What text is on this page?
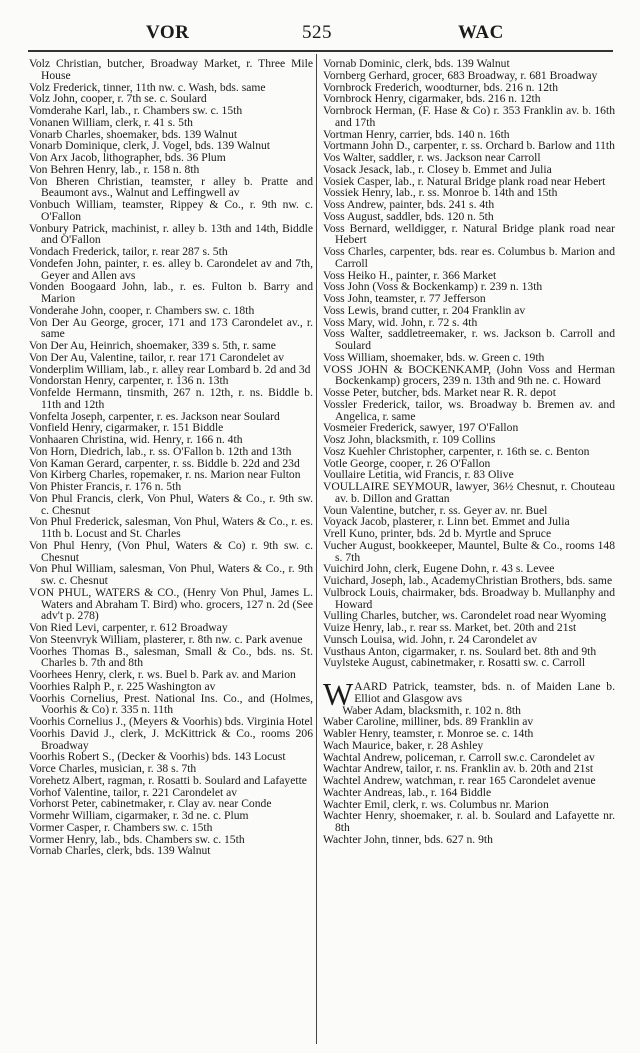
VOR	525	WAC
Volz Christian, butcher, Broadway Market, r. Three Mile House
Volz Frederick, tinner, 11th nw. c. Wash, bds. same
Volz John, cooper, r. 7th se. c. Soulard
Vomderahe Karl, lab., r. Chambers sw. c. 15th
Vonanen William, clerk, r. 41 s. 5th
Vonarb Charles, shoemaker, bds. 139 Walnut
Vonarb Dominique, clerk, J. Vogel, bds. 139 Walnut
Von Arx Jacob, lithographer, bds. 36 Plum
Von Behren Henry, lab., r. 158 n. 8th
Von Bheren Christian, teamster, r alley b. Pratte and Beaumont avs., Walnut and Leffingwell av
Vonbuch William, teamster, Rippey & Co., r. 9th nw. c. O'Fallon
Vonbury Patrick, machinist, r. alley b. 13th and 14th, Biddle and O'Fallon
Vondach Frederick, tailor, r. rear 287 s. 5th
Vondefen John, painter, r. es. alley b. Carondelet av and 7th, Geyer and Allen avs
Vonden Boogaard John, lab., r. es. Fulton b. Barry and Marion
Vonderahe John, cooper, r. Chambers sw. c. 18th
Von Der Au George, grocer, 171 and 173 Carondelet av., r. same
Von Der Au, Heinrich, shoemaker, 339 s. 5th, r. same
Von Der Au, Valentine, tailor, r. rear 171 Carondelet av
Vonderplim William, lab., r. alley rear Lombard b. 2d and 3d
Vondorstan Henry, carpenter, r. 136 n. 13th
Vonfelde Hermann, tinsmith, 267 n. 12th, r. ns. Biddle b. 11th and 12th
Vonfelta Joseph, carpenter, r. es. Jackson near Soulard
Vonfield Henry, cigarmaker, r. 151 Biddle
Vonhaaren Christina, wid. Henry, r. 166 n. 4th
Von Horn, Diedrich, lab., r. ss. O'Fallon b. 12th and 13th
Von Kaman Gerard, carpenter, r. ss. Biddle b. 22d and 23d
Von Kirberg Charles, ropemaker, r. ns. Marion near Fulton
Von Phister Francis, r. 176 n. 5th
Von Phul Francis, clerk, Von Phul, Waters & Co., r. 9th sw. c. Chesnut
Von Phul Frederick, salesman, Von Phul, Waters & Co., r. es. 11th b. Locust and St. Charles
Von Phul Henry, (Von Phul, Waters & Co) r. 9th sw. c. Chesnut
Von Phul William, salesman, Von Phul, Waters & Co., r. 9th sw. c. Chesnut
VON PHUL, WATERS & CO., (Henry Von Phul, James L. Waters and Abraham T. Bird) who. grocers, 127 n. 2d (See adv't p. 278)
Von Ried Levi, carpenter, r. 612 Broadway
Von Steenvryk William, plasterer, r. 8th nw. c. Park avenue
Voorhes Thomas B., salesman, Small & Co., bds. ns. St. Charles b. 7th and 8th
Voorhees Henry, clerk, r. ws. Buel b. Park av. and Marion
Voorhies Ralph P., r. 225 Washington av
Voorhis Cornelius, Prest. National Ins. Co., and (Holmes, Voorhis & Co) r. 335 n. 11th
Voorhis Cornelius J., (Meyers & Voorhis) bds. Virginia Hotel
Voorhis David J., clerk, J. McKittrick & Co., rooms 206 Broadway
Voorhis Robert S., (Decker & Voorhis) bds. 143 Locust
Vorce Charles, musician, r. 38 s. 7th
Vorehetz Albert, ragman, r. Rosatti b. Soulard and Lafayette
Vorhof Valentine, tailor, r. 221 Carondelet av
Vorhorst Peter, cabinetmaker, r. Clay av. near Conde
Vormehr William, cigarmaker, r. 3d ne. c. Plum
Vormer Casper, r. Chambers sw. c. 15th
Vormer Henry, lab., bds. Chambers sw. c. 15th
Vornab Charles, clerk, bds. 139 Walnut
Vornab Dominic, clerk, bds. 139 Walnut
Vornberg Gerhard, grocer, 683 Broadway, r. 681 Broadway
Vornbrock Frederich, woodturner, bds. 216 n. 12th
Vornbrock Henry, cigarmaker, bds. 216 n. 12th
Vornbrock Herman, (F. Hase & Co) r. 353 Franklin av. b. 16th and 17th
Vortman Henry, carrier, bds. 140 n. 16th
Vortmann John D., carpenter, r. ss. Orchard b. Barlow and 11th
Vos Walter, saddler, r. ws. Jackson near Carroll
Vosack Jesack, lab., r. Closey b. Emmet and Julia
Vosiek Casper, lab., r. Natural Bridge plank road near Hebert
Vossiek Henry, lab., r. ss. Monroe b. 14th and 15th
Voss Andrew, painter, bds. 241 s. 4th
Voss August, saddler, bds. 120 n. 5th
Voss Bernard, welldigger, r. Natural Bridge plank road near Hebert
Voss Charles, carpenter, bds. rear es. Columbus b. Marion and Carroll
Voss Heiko H., painter, r. 366 Market
Voss John (Voss & Bockenkamp) r. 239 n. 13th
Voss John, teamster, r. 77 Jefferson
Voss Lewis, brand cutter, r. 204 Franklin av
Voss Mary, wid. John, r. 72 s. 4th
Voss Walter, saddletreemaker, r. ws. Jackson b. Carroll and Soulard
Voss William, shoemaker, bds. w. Green c. 19th
VOSS JOHN & BOCKENKAMP, (John Voss and Herman Bockenkamp) grocers, 239 n. 13th and 9th ne. c. Howard
Vosse Peter, butcher, bds. Market near R. R. depot
Vossler Frederick, tailor, ws. Broadway b. Bremen av. and Angelica, r. same
Vosmeier Frederick, sawyer, 197 O'Fallon
Vosz John, blacksmith, r. 109 Collins
Vosz Kuehler Christopher, carpenter, r. 16th se. c. Benton
Votle George, cooper, r. 26 O'Fallon
Voullaire Letitia, wid Francis, r. 83 Olive
VOULLAIRE SEYMOUR, lawyer, 36½ Chesnut, r. Chouteau av. b. Dillon and Grattan
Voun Valentine, butcher, r. ss. Geyer av. nr. Buel
Voyack Jacob, plasterer, r. Linn bet. Emmet and Julia
Vrell Kuno, printer, bds. 2d b. Myrtle and Spruce
Vucher August, bookkeeper, Mauntel, Bulte & Co., rooms 148 s. 7th
Vuichird John, clerk, Eugene Dohn, r. 43 s. Levee
Vuichard, Joseph, lab., AcademyChristian Brothers, bds. same
Vulbrock Louis, chairmaker, bds. Broadway b. Mullanphy and Howard
Vulling Charles, butcher, ws. Carondelet road near Wyoming
Vuize Henry, lab., r. rear ss. Market, bet. 20th and 21st
Vunsch Louisa, wid. John, r. 24 Carondelet av
Vusthaus Anton, cigarmaker, r. ns. Soulard bet. 8th and 9th
Vuylsteke August, cabinetmaker, r. Rosatti sw. c. Carroll
W AARD Patrick, teamster, bds. n. of Maiden Lane b. Elliot and Glasgow avs
Waber Adam, blacksmith, r. 102 n. 8th
Waber Caroline, milliner, bds. 89 Franklin av
Wabler Henry, teamster, r. Monroe se. c. 14th
Wach Maurice, baker, r. 28 Ashley
Wachtal Andrew, policeman, r. Carroll sw.c. Carondelet av
Wachtar Andrew, tailor, r. ns. Franklin av. b. 20th and 21st
Wachtel Andrew, watchman, r. rear 165 Carondelet avenue
Wachter Andreas, lab., r. 164 Biddle
Wachter Emil, clerk, r. ws. Columbus nr. Marion
Wachter Henry, shoemaker, r. al. b. Soulard and Lafayette nr. 8th
Wachter John, tinner, bds. 627 n. 9th
